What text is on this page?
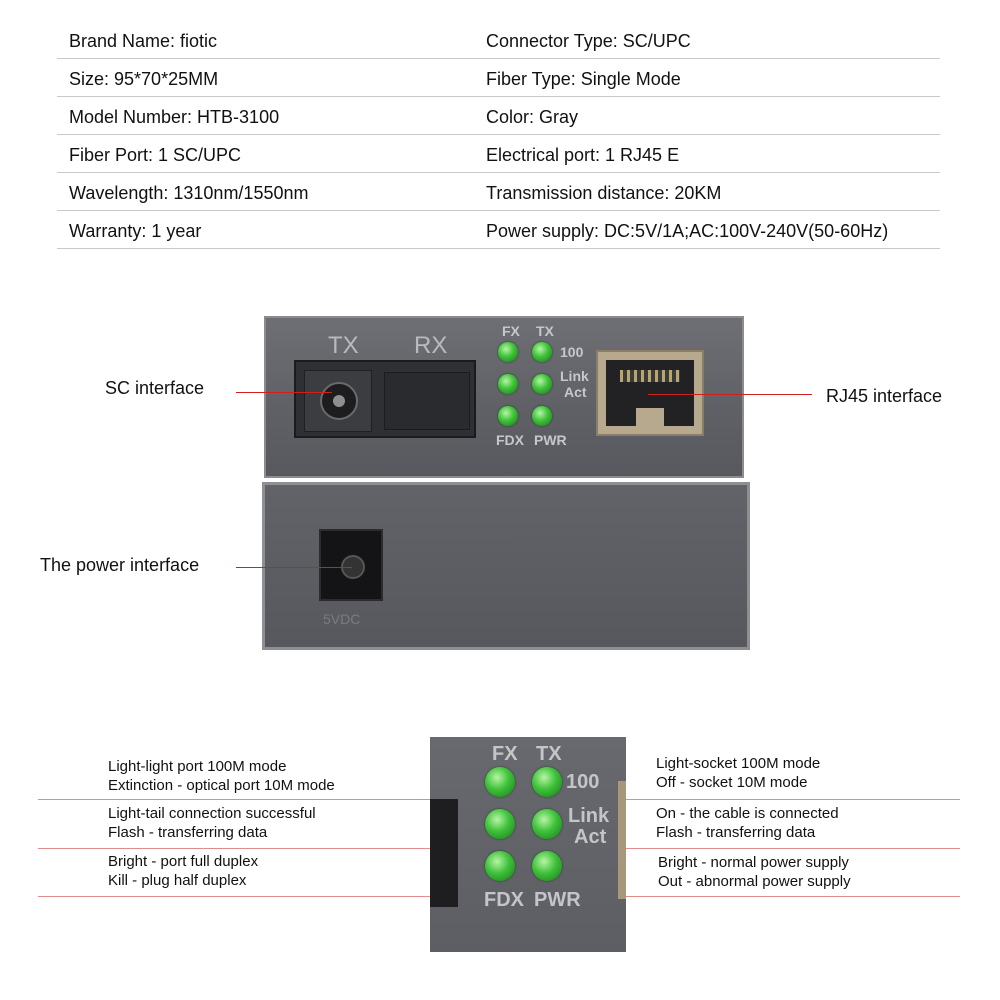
Brand Name: fiotic	Connector Type: SC/UPC
Size: 95*70*25MM	Fiber Type: Single Mode
Model Number: HTB-3100	Color: Gray
Fiber Port: 1 SC/UPC	Electrical port: 1 RJ45 E
Wavelength: 1310nm/1550nm	Transmission distance: 20KM
Warranty: 1 year	Power supply: DC:5V/1A;AC:100V-240V(50-60Hz)
TX RX
FX TX
100
Link
Act
FDX PWR
5VDC
SC interface	RJ45 interface
The power interface
FX TX
100
Link
Act
FDX PWR
Light-light port 100M mode
Extinction - optical port 10M mode
Light-socket 100M mode
Off - socket 10M mode
Light-tail connection successful
Flash - transferring data
On - the cable is connected
Flash - transferring data
Bright - port full duplex
Kill - plug half duplex
Bright - normal power supply
Out - abnormal power supply
